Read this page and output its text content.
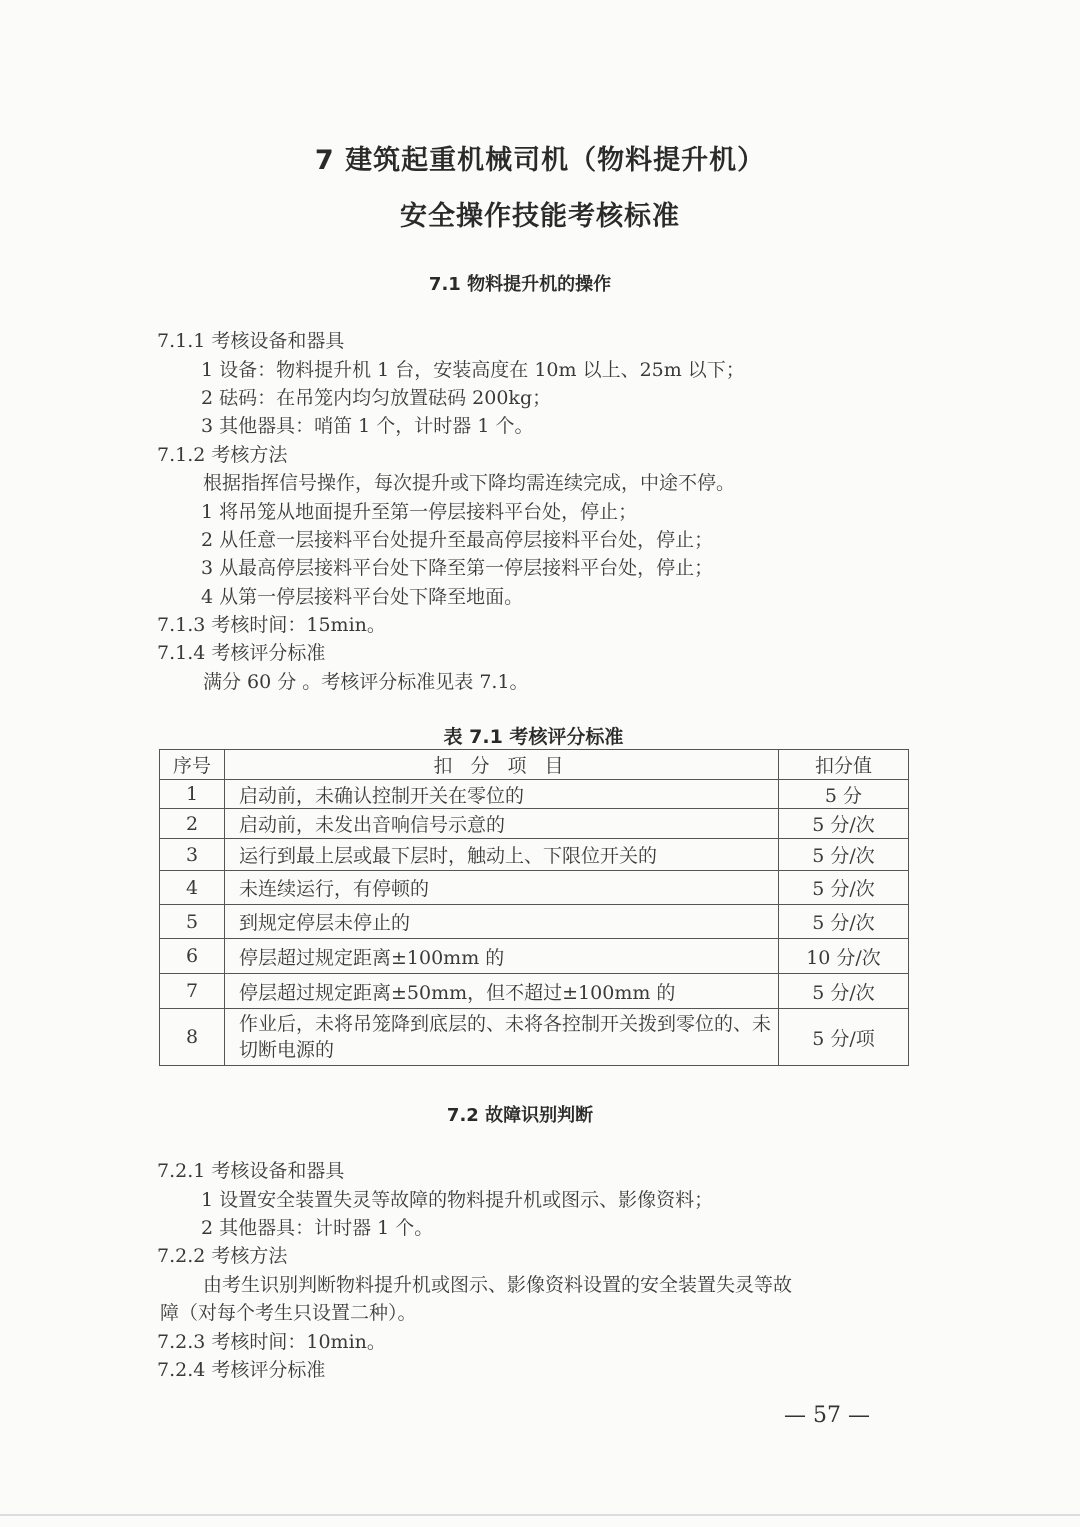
7 建筑起重机械司机（物料提升机）
安全操作技能考核标准
7.1 物料提升机的操作
7.1.1 考核设备和器具
1 设备：物料提升机 1 台，安装高度在 10m 以上、25m 以下；
2 砝码：在吊笼内均匀放置砝码 200kg；
3 其他器具：哨笛 1 个，计时器 1 个。
7.1.2 考核方法
根据指挥信号操作，每次提升或下降均需连续完成，中途不停。
1 将吊笼从地面提升至第一停层接料平台处，停止；
2 从任意一层接料平台处提升至最高停层接料平台处，停止；
3 从最高停层接料平台处下降至第一停层接料平台处，停止；
4 从第一停层接料平台处下降至地面。
7.1.3 考核时间：15min。
7.1.4 考核评分标准
满分 60 分 。考核评分标准见表 7.1。
表 7.1 考核评分标准
序号	扣 分 项 目	扣分值
1	启动前，未确认控制开关在零位的	5 分
2	启动前，未发出音响信号示意的	5 分/次
3	运行到最上层或最下层时，触动上、下限位开关的	5 分/次
4	未连续运行，有停顿的	5 分/次
5	到规定停层未停止的	5 分/次
6	停层超过规定距离±100mm 的	10 分/次
7	停层超过规定距离±50mm，但不超过±100mm 的	5 分/次
8	作业后，未将吊笼降到底层的、未将各控制开关拨到零位的、未切断电源的	5 分/项
7.2 故障识别判断
7.2.1 考核设备和器具
1 设置安全装置失灵等故障的物料提升机或图示、影像资料；
2 其他器具：计时器 1 个。
7.2.2 考核方法
由考生识别判断物料提升机或图示、影像资料设置的安全装置失灵等故
障（对每个考生只设置二种）。
7.2.3 考核时间：10min。
7.2.4 考核评分标准
— 57 —
